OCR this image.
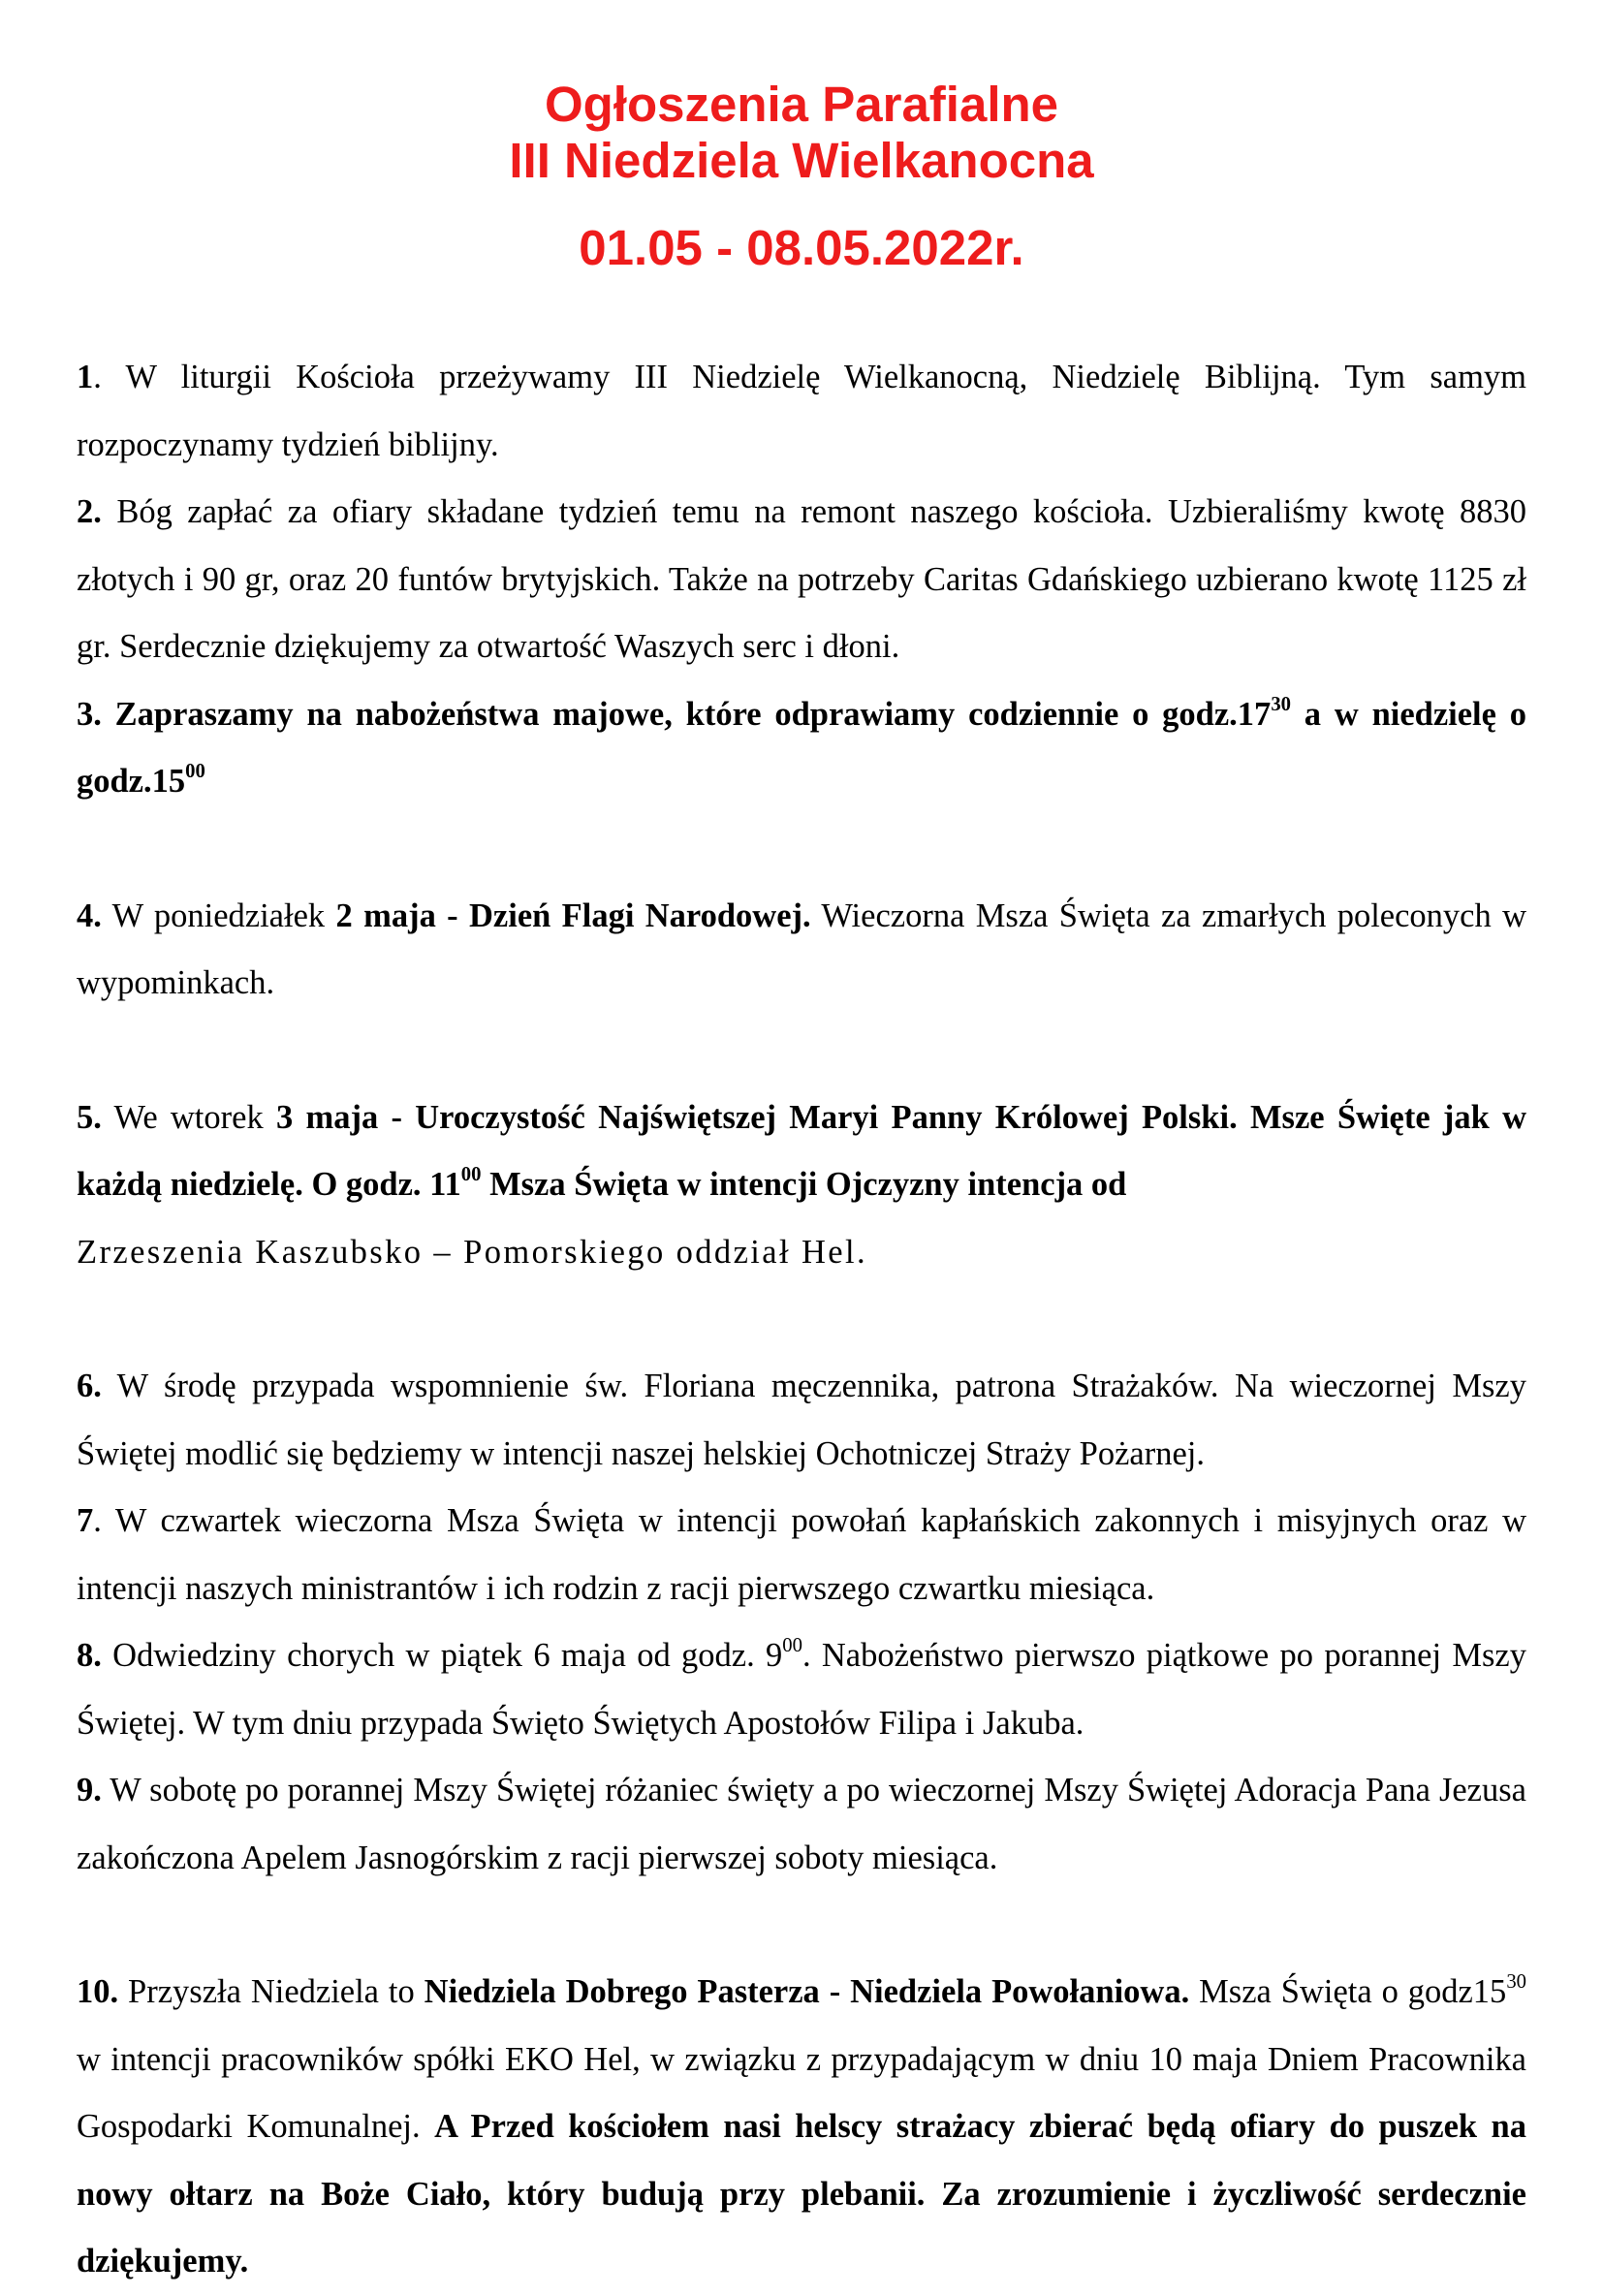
Ogłoszenia Parafialne
III Niedziela Wielkanocna
01.05 - 08.05.2022r.

1. W liturgii Kościoła przeżywamy III Niedzielę Wielkanocną, Niedzielę Biblijną. Tym samym rozpoczynamy tydzień biblijny.

2. Bóg zapłać za ofiary składane tydzień temu na remont naszego kościoła. Uzbieraliśmy kwotę 8830 złotych i 90 gr, oraz 20 funtów brytyjskich. Także na potrzeby Caritas Gdańskiego uzbierano kwotę 1125 zł gr. Serdecznie dziękujemy za otwartość Waszych serc i dłoni.

3. Zapraszamy na nabożeństwa majowe, które odprawiamy codziennie o $godz.17^{30}$ a w niedzielę o $godz.15^{00}$

4. W poniedziałek 2 maja - Dzień Flagi Narodowej. Wieczorna Msza Święta za zmarłych poleconych w wypominkach.

5. We wtorek 3 maja - Uroczystość Najświętszej Maryi Panny Królowej Polski. Msze Święte jak w każdą niedzielę. O godz. $11^{00}$ Msza Święta w intencji Ojczyzny intencja od
Zrzeszenia Kaszubsko – Pomorskiego oddział Hel.

6. W środę przypada wspomnienie św. Floriana męczennika, patrona Strażaków. Na wieczornej Mszy Świętej modlić się będziemy w intencji naszej helskiej Ochotniczej Straży Pożarnej.

7. W czwartek wieczorna Msza Święta w intencji powołań kapłańskich zakonnych i misyjnych oraz w intencji naszych ministrantów i ich rodzin z racji pierwszego czwartku miesiąca.

8. Odwiedziny chorych w piątek 6 maja od godz. $9^{00}$. Nabożeństwo pierwszo piątkowe po porannej Mszy Świętej. W tym dniu przypada Święto Świętych Apostołów Filipa i Jakuba.

9. W sobotę po porannej Mszy Świętej różaniec święty a po wieczornej Mszy Świętej Adoracja Pana Jezusa zakończona Apelem Jasnogórskim z racji pierwszej soboty miesiąca.

10. Przyszła Niedziela to Niedziela Dobrego Pasterza - Niedziela Powołaniowa. Msza Święta o $godz15^{30}$ w intencji pracowników spółki EKO Hel, w związku z przypadającym w dniu 10 maja Dniem Pracownika Gospodarki Komunalnej. A Przed kościołem nasi helscy strażacy zbierać będą ofiary do puszek na nowy ołtarz na Boże Ciało, który budują przy plebanii. Za zrozumienie i życzliwość serdecznie dziękujemy.
